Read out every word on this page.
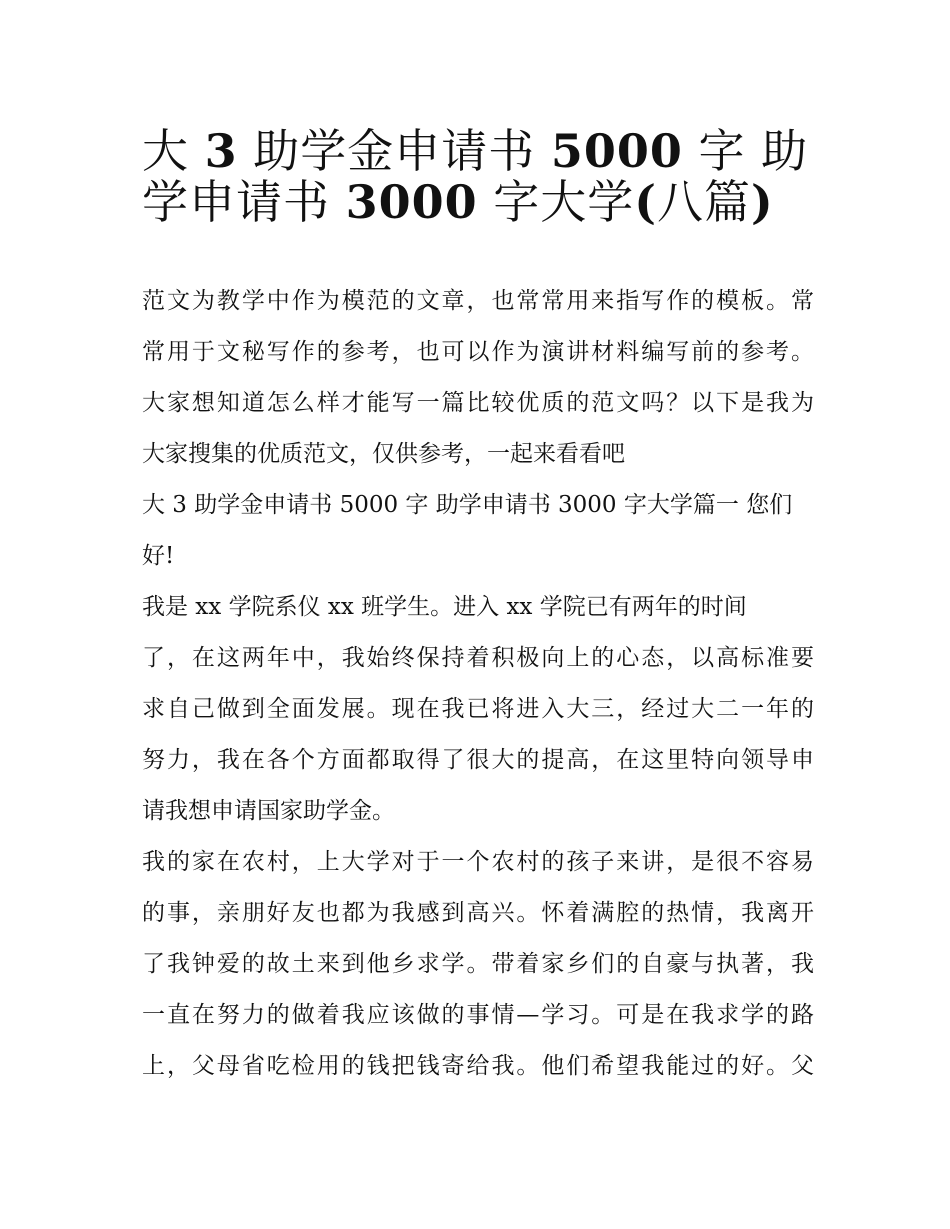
大 3 助学金申请书 5000 字 助
学申请书 3000 字大学(八篇)
范文为教学中作为模范的文章，也常常用来指写作的模板。常
常用于文秘写作的参考，也可以作为演讲材料编写前的参考。
大家想知道怎么样才能写一篇比较优质的范文吗？以下是我为
大家搜集的优质范文，仅供参考，一起来看看吧
大 3 助学金申请书 5000 字 助学申请书 3000 字大学篇一 您们
好!
我是 xx 学院系仪 xx 班学生。进入 xx 学院已有两年的时间
了，在这两年中，我始终保持着积极向上的心态，以高标准要
求自己做到全面发展。现在我已将进入大三，经过大二一年的
努力，我在各个方面都取得了很大的提高，在这里特向领导申
请我想申请国家助学金。
我的家在农村，上大学对于一个农村的孩子来讲，是很不容易
的事，亲朋好友也都为我感到高兴。怀着满腔的热情，我离开
了我钟爱的故土来到他乡求学。带着家乡们的自豪与执著，我
一直在努力的做着我应该做的事情—学习。可是在我求学的路
上，父母省吃检用的钱把钱寄给我。他们希望我能过的好。父
